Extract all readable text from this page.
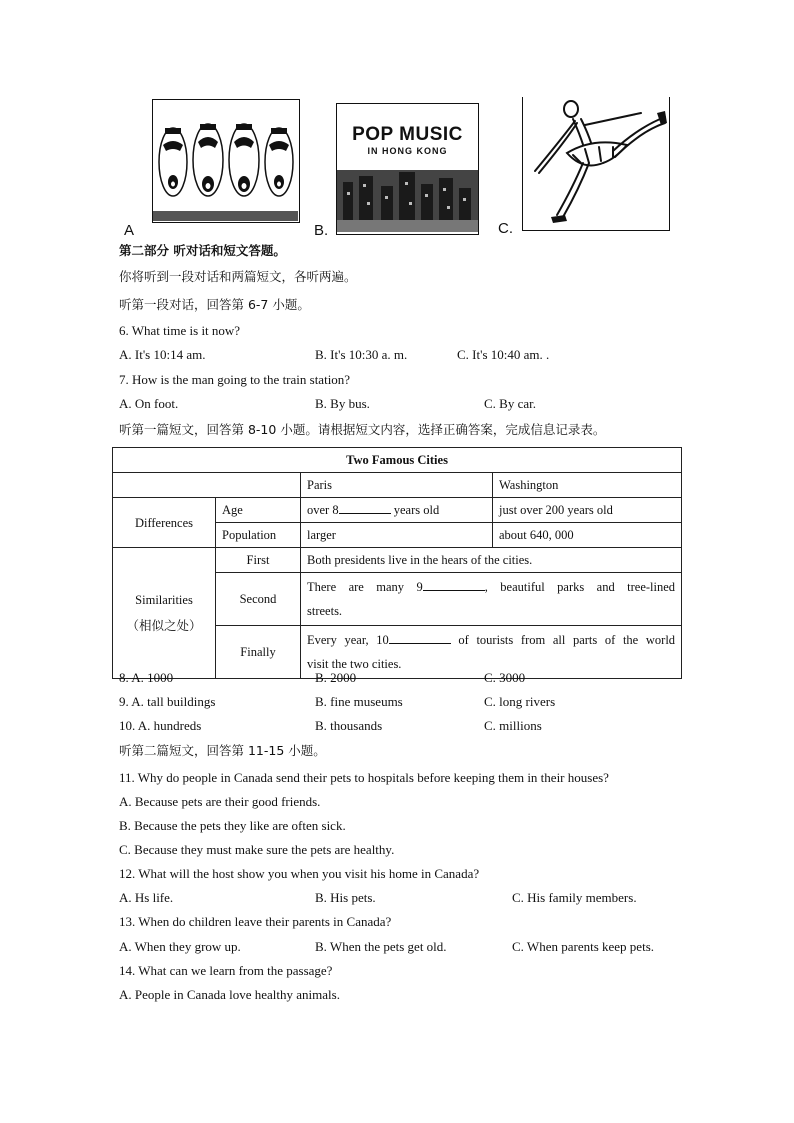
A
POP MUSIC
IN HONG KONG
B.	C.
第二部分 听对话和短文答题。
你将听到一段对话和两篇短文，各听两遍。
听第一段对话，回答第 6-7 小题。
6. What time is it now?
A. It's 10:14 am.	B. It's 10:30 a. m.	C. It's 10:40 am. .
7. How is the man going to the train station?
A. On foot.	B. By bus.	C. By car.
听第一篇短文，回答第 8-10 小题。请根据短文内容，选择正确答案，完成信息记录表。
Two Famous Cities			
		Paris	Washington
Differences	Age	over 8 years old	just over 200 years old
	Population	larger	about 640, 000

Similarities
（相似之处）	First	Both presidents live in the hears of the cities.	
	Second	There are many 9 , beautiful parks and tree-lined
streets.	

	Finally	Every year, 10 of tourists from all parts of the world
visit the two cities.	
8. A. 1000	B. 2000	C. 3000
9. A. tall buildings	B. fine museums	C. long rivers
10. A. hundreds	B. thousands	C. millions
听第二篇短文，回答第 11-15 小题。
11. Why do people in Canada send their pets to hospitals before keeping them in their houses?
A. Because pets are their good friends.
B. Because the pets they like are often sick.
C. Because they must make sure the pets are healthy.
12. What will the host show you when you visit his home in Canada?
A. Hs life.	B. His pets.	C. His family members.
13. When do children leave their parents in Canada?
A. When they grow up.	B. When the pets get old.	C. When parents keep pets.
14. What can we learn from the passage?
A. People in Canada love healthy animals.
